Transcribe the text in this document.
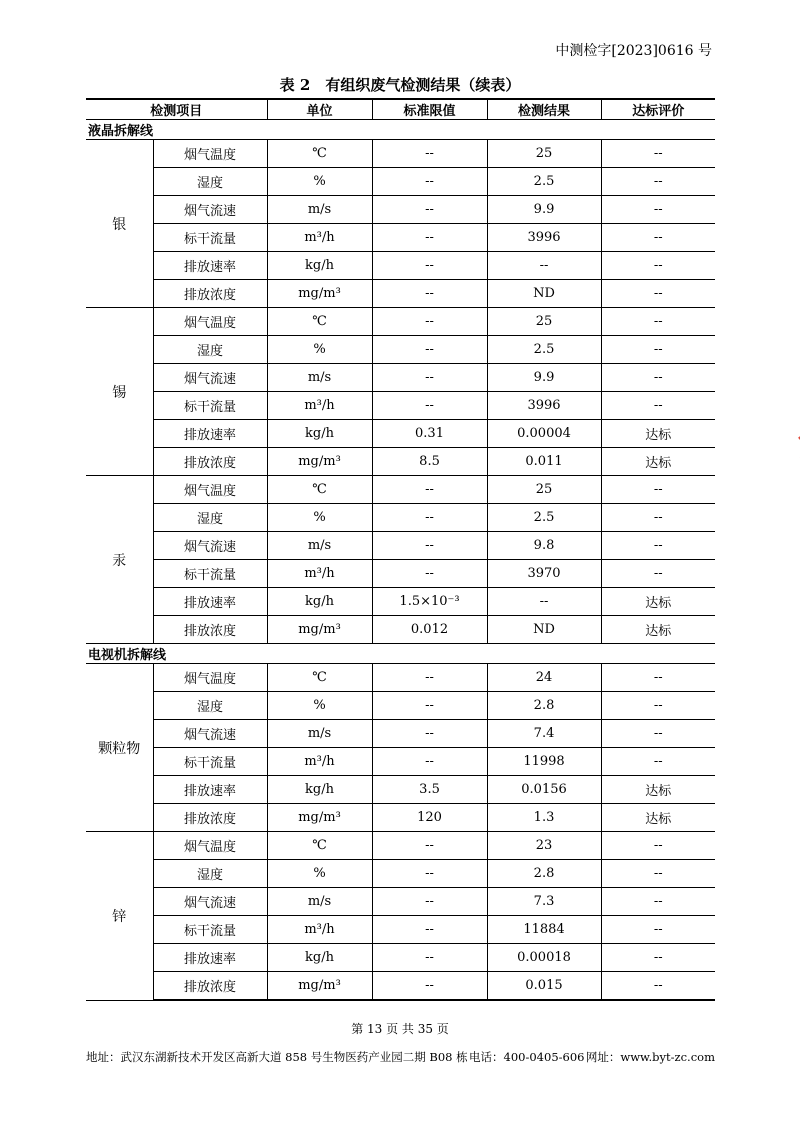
中测检字[2023]0616 号
表 2　有组织废气检测结果（续表）
检测项目		单位	标准限值	检测结果	达标评价
液晶拆解线					
银	烟气温度	℃	--	25	--
	湿度	%	--	2.5	--
	烟气流速	m/s	--	9.9	--
	标干流量	m³/h	--	3996	--
	排放速率	kg/h	--	--	--
	排放浓度	mg/m³	--	ND	--
锡	烟气温度	℃	--	25	--
	湿度	%	--	2.5	--
	烟气流速	m/s	--	9.9	--
	标干流量	m³/h	--	3996	--
	排放速率	kg/h	0.31	0.00004	达标
	排放浓度	mg/m³	8.5	0.011	达标
汞	烟气温度	℃	--	25	--
	湿度	%	--	2.5	--
	烟气流速	m/s	--	9.8	--
	标干流量	m³/h	--	3970	--
	排放速率	kg/h	1.5×10⁻³	--	达标
	排放浓度	mg/m³	0.012	ND	达标
电视机拆解线					
颗粒物	烟气温度	℃	--	24	--
	湿度	%	--	2.8	--
	烟气流速	m/s	--	7.4	--
	标干流量	m³/h	--	11998	--
	排放速率	kg/h	3.5	0.0156	达标
	排放浓度	mg/m³	120	1.3	达标
锌	烟气温度	℃	--	23	--
	湿度	%	--	2.8	--
	烟气流速	m/s	--	7.3	--
	标干流量	m³/h	--	11884	--
	排放速率	kg/h	--	0.00018	--
	排放浓度	mg/m³	--	0.015	--
第 13 页 共 35 页
地址：武汉东湖新技术开发区高新大道 858 号生物医药产业园二期 B08 栋 电话：400-0405-606 网址：www.byt-zc.com
